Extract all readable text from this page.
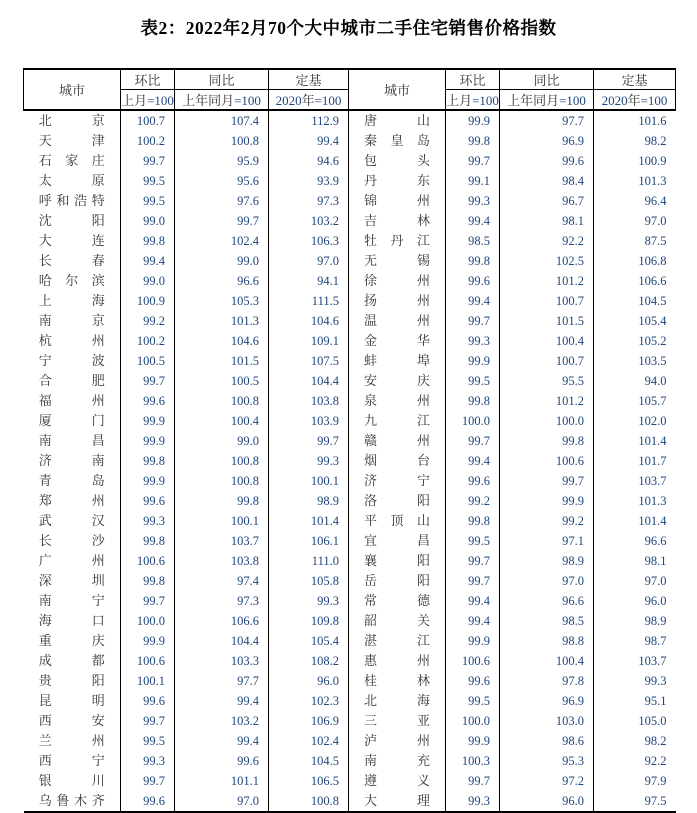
表2：2022年2月70个大中城市二手住宅销售价格指数
城市	环比	同比	定基	城市	环比	同比	定基
	上月=100	上年同月=100	2020年=100		上月=100	上年同月=100	2020年=100
北京	100.7	107.4	112.9	唐山	99.9	97.7	101.6
天津	100.2	100.8	99.4	秦皇岛	99.8	96.9	98.2
石家庄	99.7	95.9	94.6	包头	99.7	99.6	100.9
太原	99.5	95.6	93.9	丹东	99.1	98.4	101.3
呼和浩特	99.5	97.6	97.3	锦州	99.3	96.7	96.4
沈阳	99.0	99.7	103.2	吉林	99.4	98.1	97.0
大连	99.8	102.4	106.3	牡丹江	98.5	92.2	87.5
长春	99.4	99.0	97.0	无锡	99.8	102.5	106.8
哈尔滨	99.0	96.6	94.1	徐州	99.6	101.2	106.6
上海	100.9	105.3	111.5	扬州	99.4	100.7	104.5
南京	99.2	101.3	104.6	温州	99.7	101.5	105.4
杭州	100.2	104.6	109.1	金华	99.3	100.4	105.2
宁波	100.5	101.5	107.5	蚌埠	99.9	100.7	103.5
合肥	99.7	100.5	104.4	安庆	99.5	95.5	94.0
福州	99.6	100.8	103.8	泉州	99.8	101.2	105.7
厦门	99.9	100.4	103.9	九江	100.0	100.0	102.0
南昌	99.9	99.0	99.7	赣州	99.7	99.8	101.4
济南	99.8	100.8	99.3	烟台	99.4	100.6	101.7
青岛	99.9	100.8	100.1	济宁	99.6	99.7	103.7
郑州	99.6	99.8	98.9	洛阳	99.2	99.9	101.3
武汉	99.3	100.1	101.4	平顶山	99.8	99.2	101.4
长沙	99.8	103.7	106.1	宜昌	99.5	97.1	96.6
广州	100.6	103.8	111.0	襄阳	99.7	98.9	98.1
深圳	99.8	97.4	105.8	岳阳	99.7	97.0	97.0
南宁	99.7	97.3	99.3	常德	99.4	96.6	96.0
海口	100.0	106.6	109.8	韶关	99.4	98.5	98.9
重庆	99.9	104.4	105.4	湛江	99.9	98.8	98.7
成都	100.6	103.3	108.2	惠州	100.6	100.4	103.7
贵阳	100.1	97.7	96.0	桂林	99.6	97.8	99.3
昆明	99.6	99.4	102.3	北海	99.5	96.9	95.1
西安	99.7	103.2	106.9	三亚	100.0	103.0	105.0
兰州	99.5	99.4	102.4	泸州	99.9	98.6	98.2
西宁	99.3	99.6	104.5	南充	100.3	95.3	92.2
银川	99.7	101.1	106.5	遵义	99.7	97.2	97.9
乌鲁木齐	99.6	97.0	100.8	大理	99.3	96.0	97.5
